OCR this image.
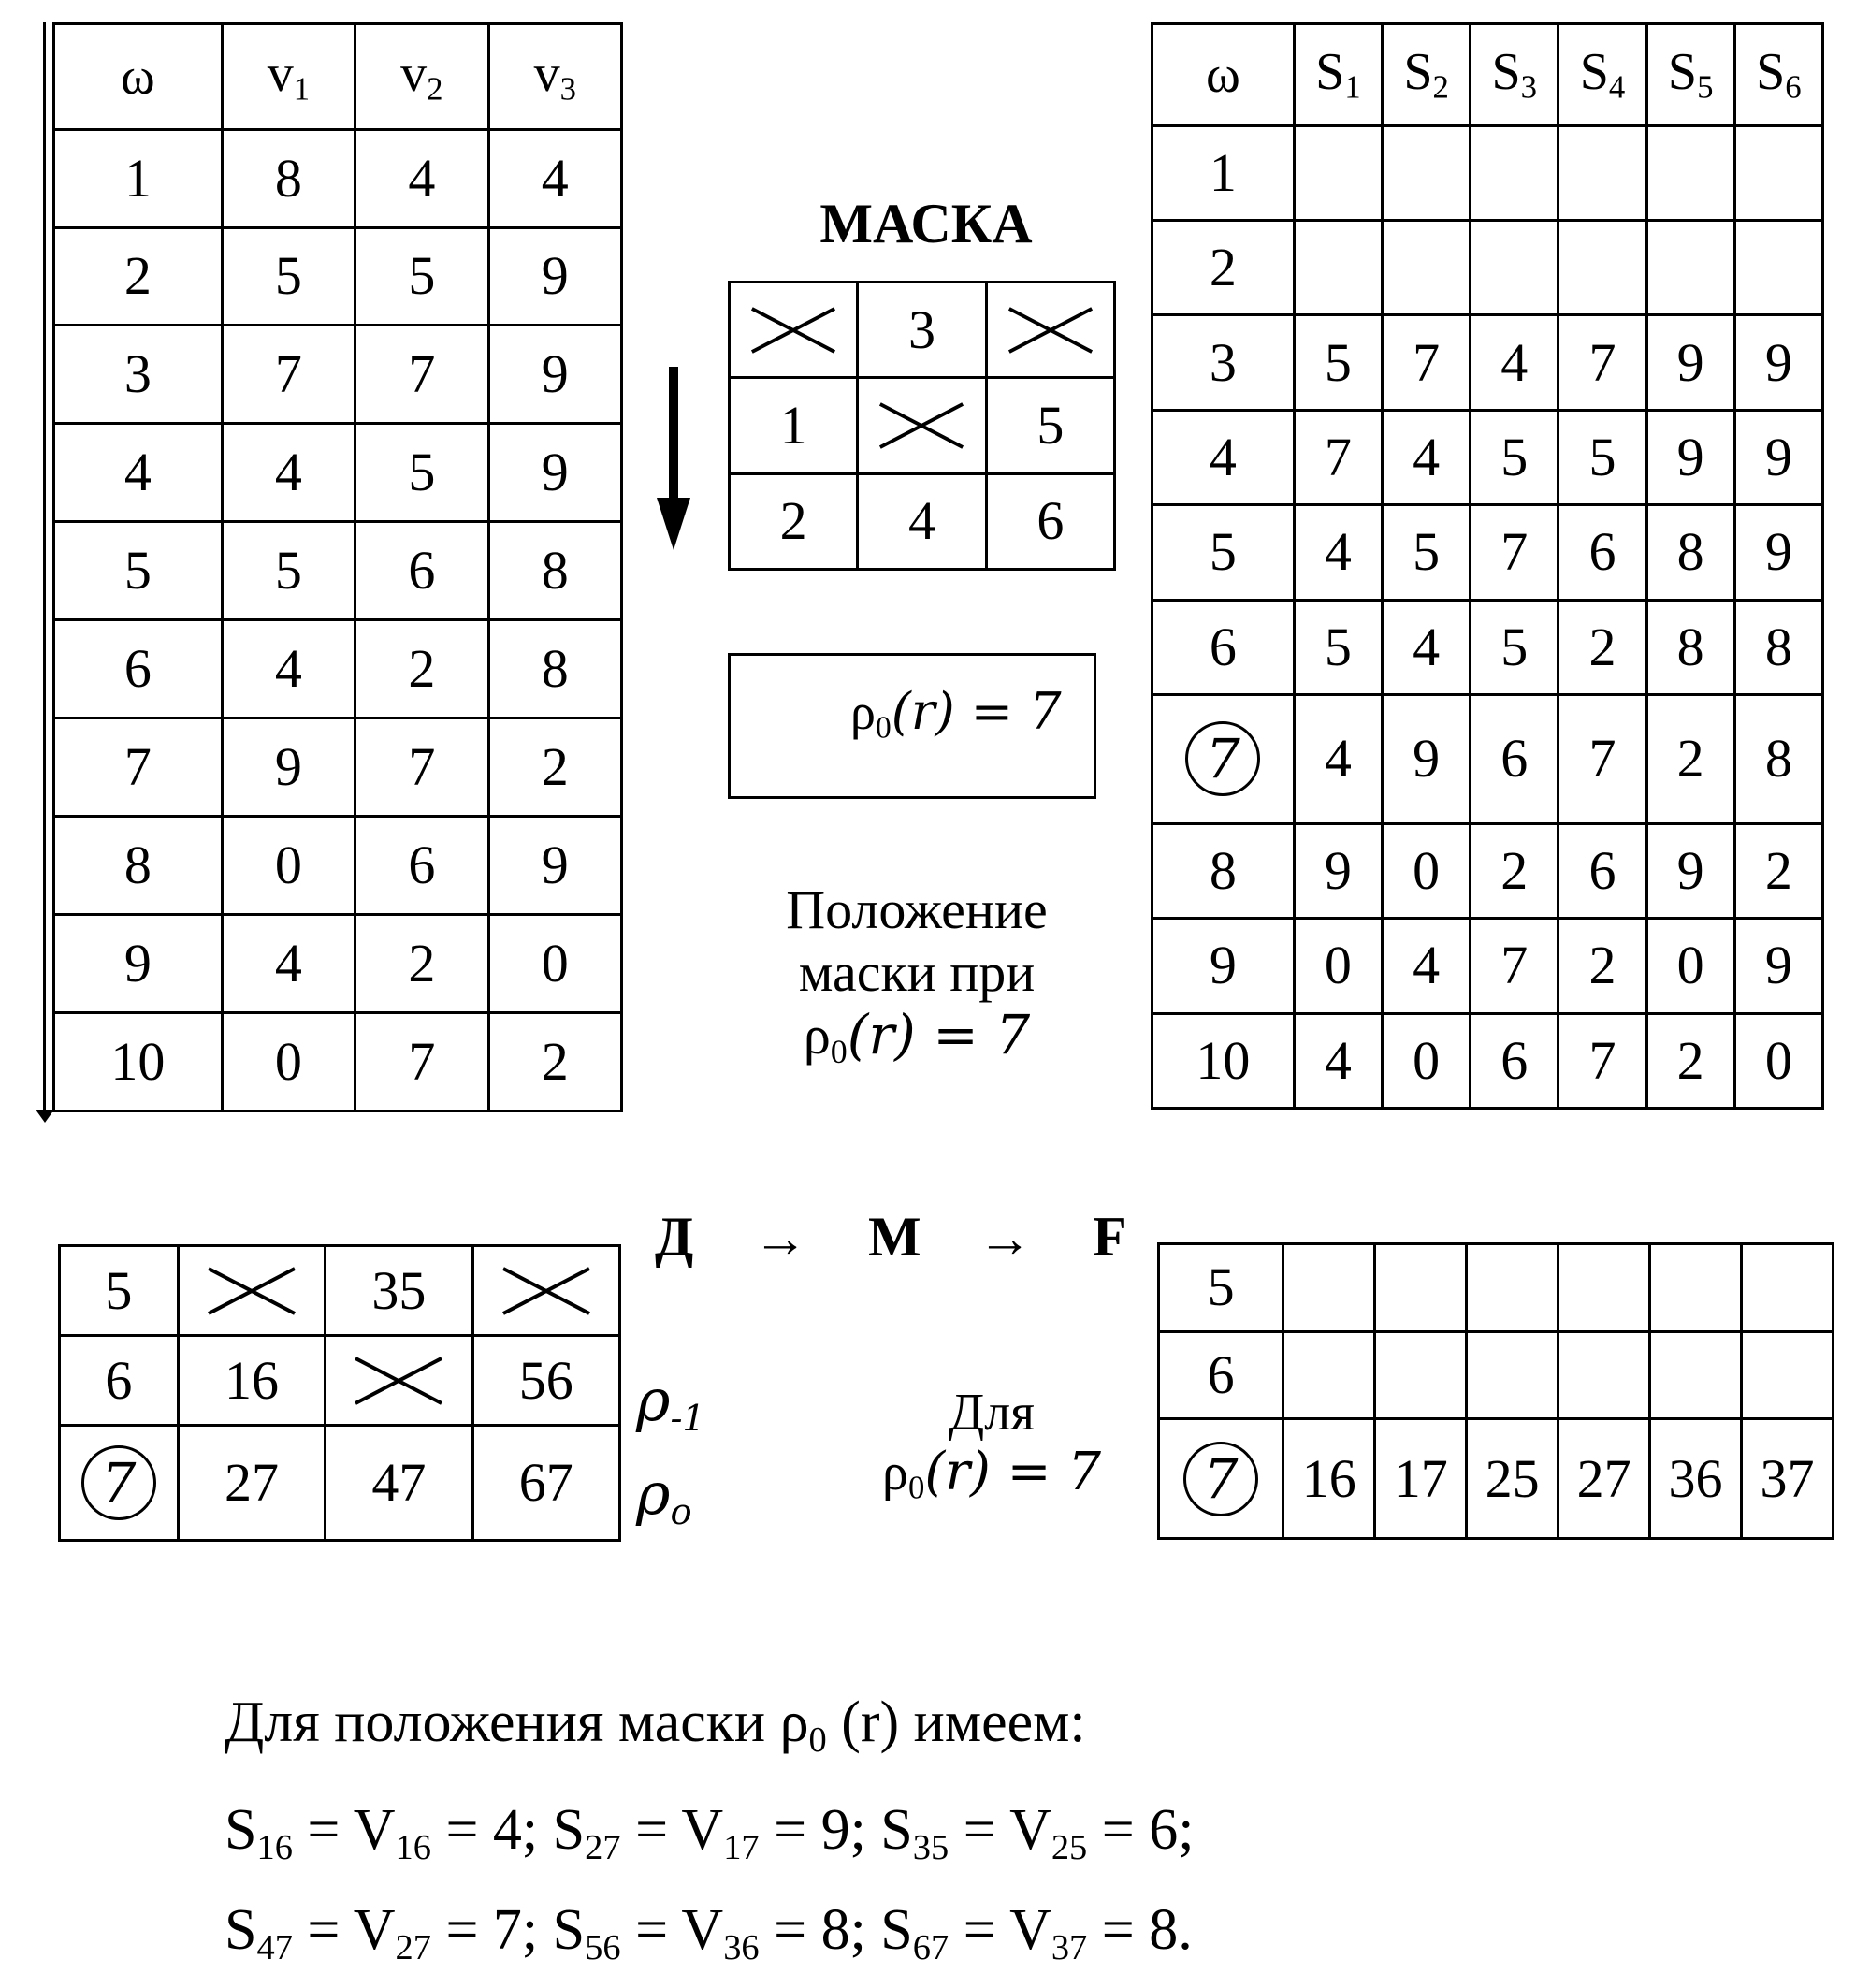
ω	$v_1$	$v_2$	$v_3$
1	8	4	4
2	5	5	9
3	7	7	9
4	4	5	9
5	5	6	8
6	4	2	8
7	9	7	2
8	0	6	9
9	4	2	0
10	0	7	2
ω	$S_1$	$S_2$	$S_3$	$S_4$	$S_5$	$S_6$
1						
2						
3	5	7	4	7	9	9
4	7	4	5	5	9	9
5	4	5	7	6	8	9
6	5	4	5	2	8	8
7	4	9	6	7	2	8
8	9	0	2	6	9	2
9	0	4	7	2	0	9
10	4	0	6	7	2	0
МАСКА
	3	

1		5
2	4	6
$\rho_0(r) = 7$
Положение
маски при
$\rho_0(r) = 7$
Д → М → F
5		35	

6	16		56
7	27	47	67
$\rho_{-1}$
$\rho_o$
Для
$\rho_0(r) = 7$
5						
6						
7	16	17	25	27	36	37
Для положения маски $\rho_0$ (r) имеем:
$S_{16} = V_{16} = 4$; $S_{27} = V_{17} = 9$; $S_{35} = V_{25} = 6$;
$S_{47} = V_{27} = 7$; $S_{56} = V_{36} = 8$; $S_{67} = V_{37} = 8$.
